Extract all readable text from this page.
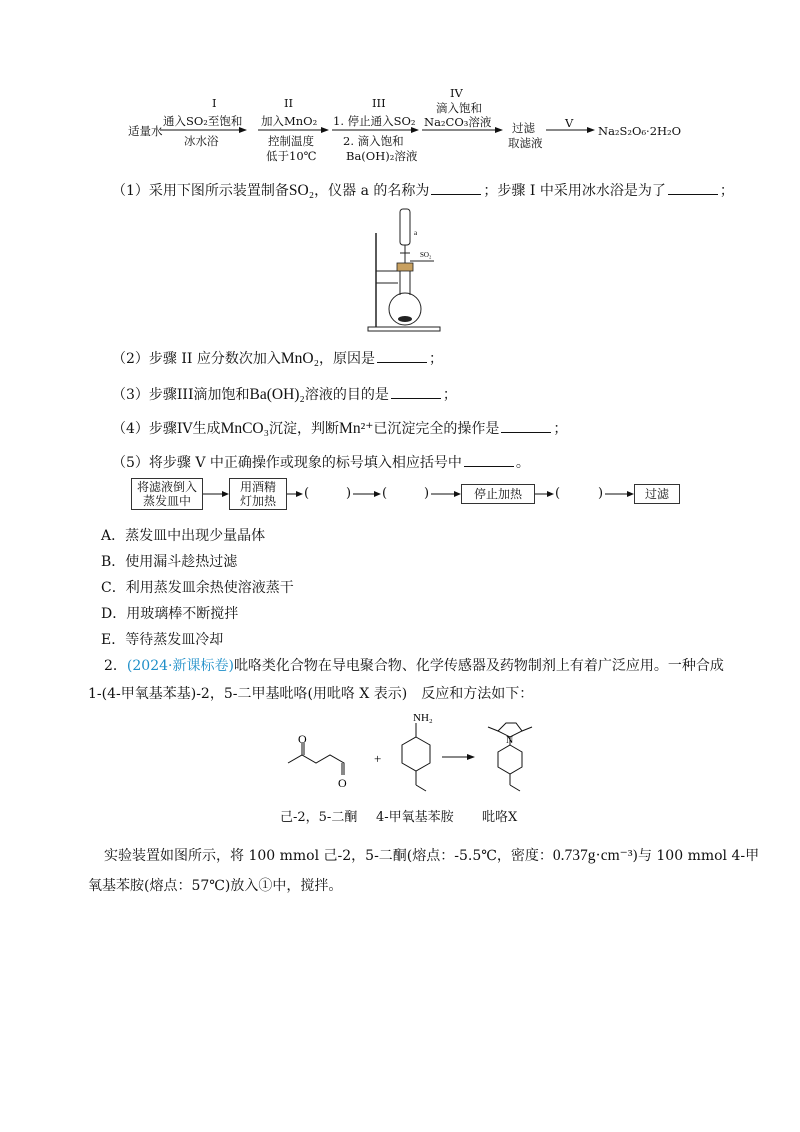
适量水
I
通入SO₂至饱和
冰水浴
II
加入MnO₂
控制温度
低于10℃
III
1. 停止通入SO₂
2. 滴入饱和
Ba(OH)₂溶液
IV
滴入饱和
Na₂CO₃溶液 过滤
取滤液
V
Na₂S₂O₆·2H₂O
（1）采用下图所示装置制备SO₂，仪器 a 的名称为	；步骤 I 中采用冰水浴是为了	；
a
SO₂
（2）步骤 II 应分数次加入MnO₂，原因是	；
（3）步骤III滴加饱和Ba(OH)₂溶液的目的是	；
（4）步骤IV生成MnCO₃沉淀，判断Mn²⁺已沉淀完全的操作是	；
（5）将步骤 V 中正确操作或现象的标号填入相应括号中	。
将滤液倒入
蒸发皿中
用酒精
灯加热	(	) (	)	停止加热	(	)	过滤
A．蒸发皿中出现少量晶体
B．使用漏斗趁热过滤
C．利用蒸发皿余热使溶液蒸干
D．用玻璃棒不断搅拌
E．等待蒸发皿冷却
2．(2024·新课标卷)吡咯类化合物在导电聚合物、化学传感器及药物制剂上有着广泛应用。一种合成
1-(4-甲氧基苯基)-2，5-二甲基吡咯(用吡咯 X 表示)　反应和方法如下：
O
O
+
NH₂
N
己-2，5-二酮 4-甲氧基苯胺 吡咯X
实验装置如图所示，将 100 mmol 己-2，5-二酮(熔点：-5.5℃，密度：0.737g·cm⁻³)与 100 mmol 4-甲
氧基苯胺(熔点：57℃)放入①中，搅拌。
